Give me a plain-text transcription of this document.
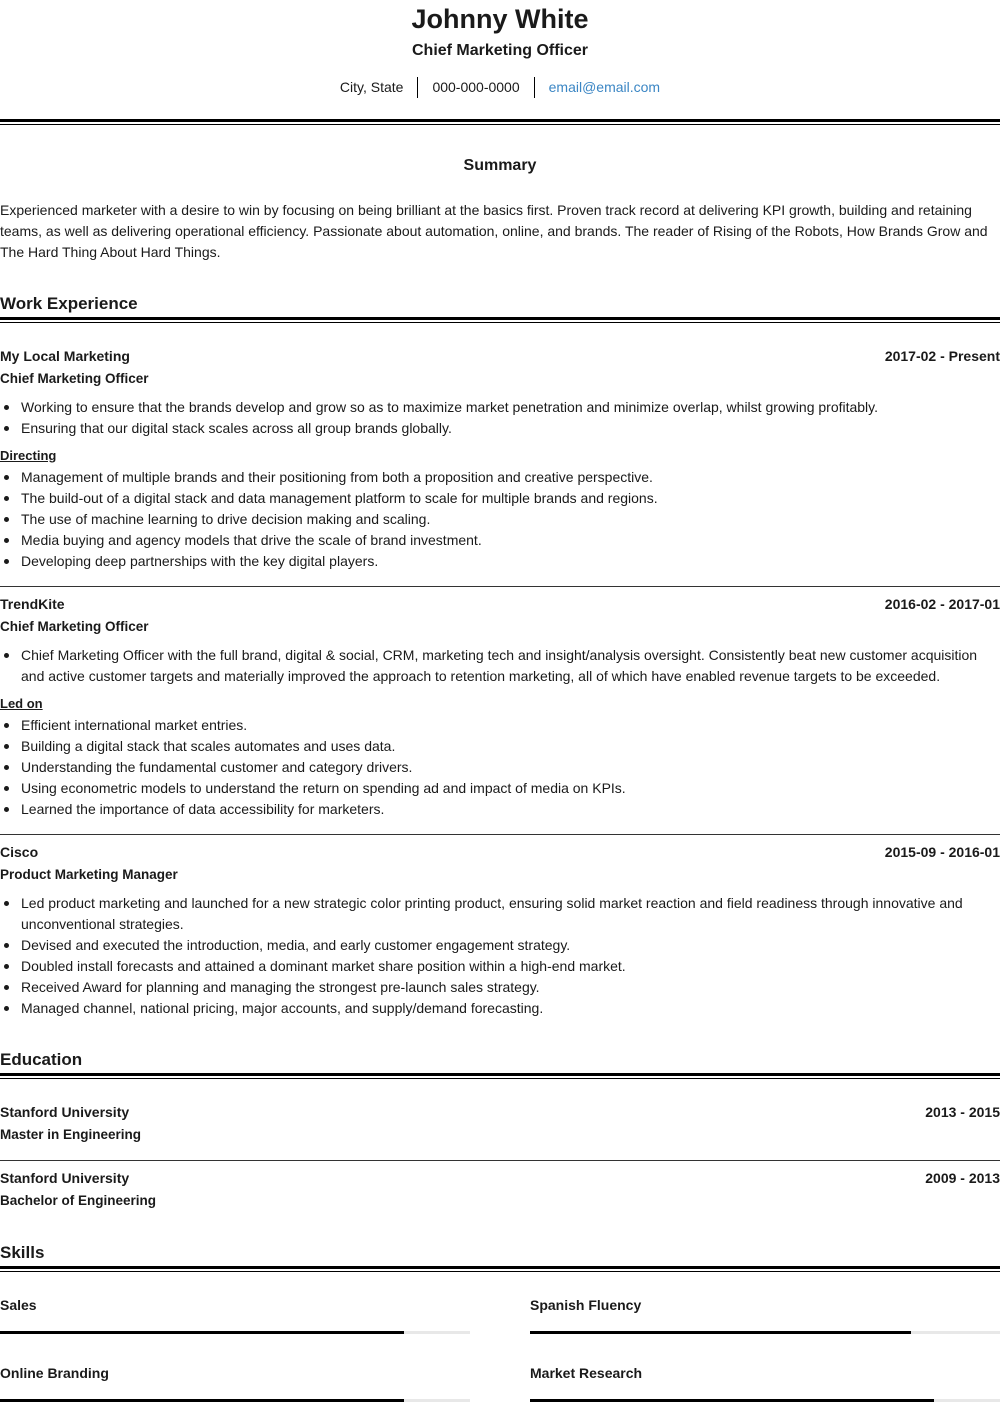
Johnny White
Chief Marketing Officer
City, State 000-000-0000 email@email.com
Summary
Experienced marketer with a desire to win by focusing on being brilliant at the basics first. Proven track record at delivering KPI growth, building and retaining teams, as well as delivering operational efficiency. Passionate about automation, online, and brands. The reader of Rising of the Robots, How Brands Grow and The Hard Thing About Hard Things.
Work Experience
My Local Marketing	2017-02 - Present
Chief Marketing Officer
Working to ensure that the brands develop and grow so as to maximize market penetration and minimize overlap, whilst growing profitably.
Ensuring that our digital stack scales across all group brands globally.
Directing
Management of multiple brands and their positioning from both a proposition and creative perspective.
The build-out of a digital stack and data management platform to scale for multiple brands and regions.
The use of machine learning to drive decision making and scaling.
Media buying and agency models that drive the scale of brand investment.
Developing deep partnerships with the key digital players.
TrendKite	2016-02 - 2017-01
Chief Marketing Officer
Chief Marketing Officer with the full brand, digital & social, CRM, marketing tech and insight/analysis oversight. Consistently beat new customer acquisition and active customer targets and materially improved the approach to retention marketing, all of which have enabled revenue targets to be exceeded.
Led on
Efficient international market entries.
Building a digital stack that scales automates and uses data.
Understanding the fundamental customer and category drivers.
Using econometric models to understand the return on spending ad and impact of media on KPIs.
Learned the importance of data accessibility for marketers.
Cisco	2015-09 - 2016-01
Product Marketing Manager
Led product marketing and launched for a new strategic color printing product, ensuring solid market reaction and field readiness through innovative and unconventional strategies.
Devised and executed the introduction, media, and early customer engagement strategy.
Doubled install forecasts and attained a dominant market share position within a high-end market.
Received Award for planning and managing the strongest pre-launch sales strategy.
Managed channel, national pricing, major accounts, and supply/demand forecasting.
Education
Stanford University	2013 - 2015
Master in Engineering
Stanford University	2009 - 2013
Bachelor of Engineering
Skills
Sales	Spanish Fluency
Online Branding	Market Research
